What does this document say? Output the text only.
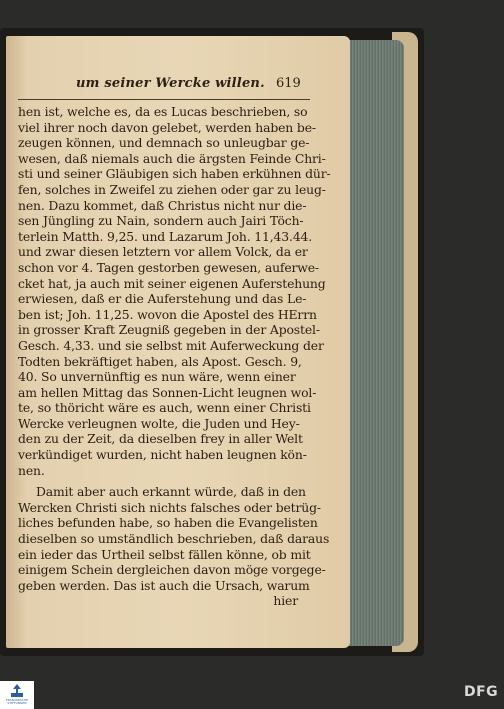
um seiner Wercke willen. 619
hen ist, welche es, da es Lucas beschrieben, so
viel ihrer noch davon gelebet, werden haben be-
zeugen können, und demnach so unleugbar ge-
wesen, daß niemals auch die ärgsten Feinde Chri-
sti und seiner Gläubigen sich haben erkühnen dür-
fen, solches in Zweifel zu ziehen oder gar zu leug-
nen. Dazu kommet, daß Christus nicht nur die-
sen Jüngling zu Nain, sondern auch Jairi Töch-
terlein Matth. 9,25. und Lazarum Joh. 11,43.44.
und zwar diesen letztern vor allem Volck, da er
schon vor 4. Tagen gestorben gewesen, auferwe-
cket hat, ja auch mit seiner eigenen Auferstehung
erwiesen, daß er die Auferstehung und das Le-
ben ist; Joh. 11,25. wovon die Apostel des HErrn
in grosser Kraft Zeugniß gegeben in der Apostel-
Gesch. 4,33. und sie selbst mit Auferweckung der
Todten bekräftiget haben, als Apost. Gesch. 9,
40. So unvernünftig es nun wäre, wenn einer
am hellen Mittag das Sonnen-Licht leugnen wol-
te, so thöricht wäre es auch, wenn einer Christi
Wercke verleugnen wolte, die Juden und Hey-
den zu der Zeit, da dieselben frey in aller Welt
verkündiget wurden, nicht haben leugnen kön-
nen.
Damit aber auch erkannt würde, daß in den
Wercken Christi sich nichts falsches oder betrüg-
liches befunden habe, so haben die Evangelisten
dieselben so umständlich beschrieben, daß daraus
ein ieder das Urtheil selbst fällen könne, ob mit
einigem Schein dergleichen davon möge vorgege-
geben werden. Das ist auch die Ursach, warum
hier
FRANCKESCHE
STIFTUNGEN
DFG
